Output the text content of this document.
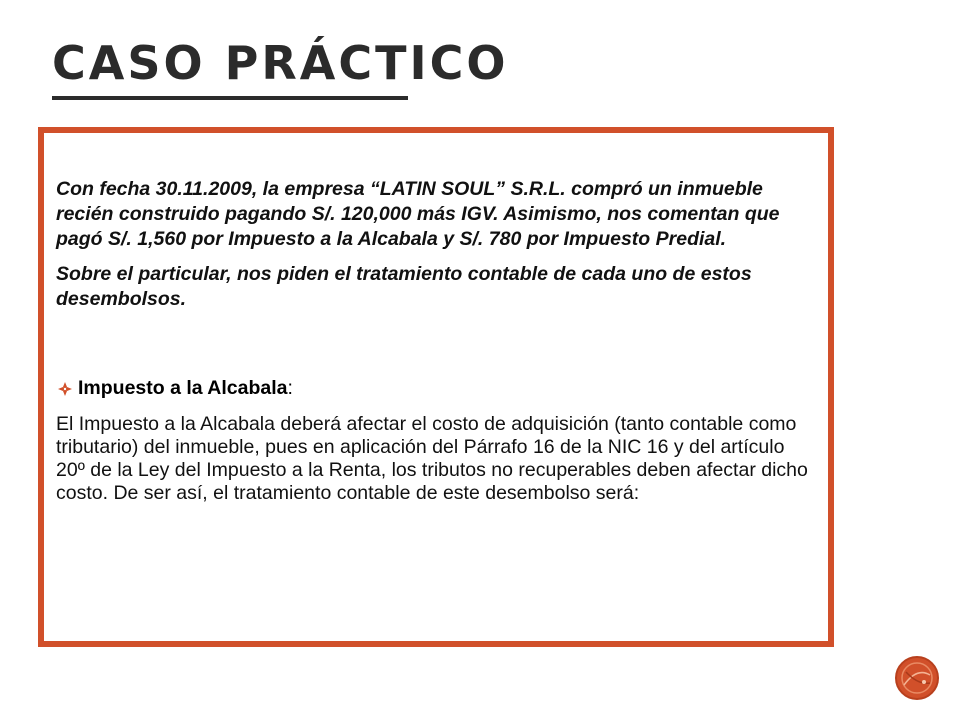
CASO PRÁCTICO

Con fecha 30.11.2009, la empresa “LATIN SOUL” S.R.L. compró un inmueble recién construido pagando S/. 120,000 más IGV. Asimismo, nos comentan que pagó S/. 1,560 por Impuesto a la Alcabala y S/. 780 por Impuesto Predial.

Sobre el particular, nos piden el tratamiento contable de cada uno de estos desembolsos.

Impuesto a la Alcabala :

El Impuesto a la Alcabala deberá afectar el costo de adquisición (tanto contable como tributario) del inmueble, pues en aplicación del Párrafo 16 de la NIC 16 y del artículo 20º de la Ley del Impuesto a la Renta, los tributos no recuperables deben afectar dicho costo. De ser así, el tratamiento contable de este desembolso será:
